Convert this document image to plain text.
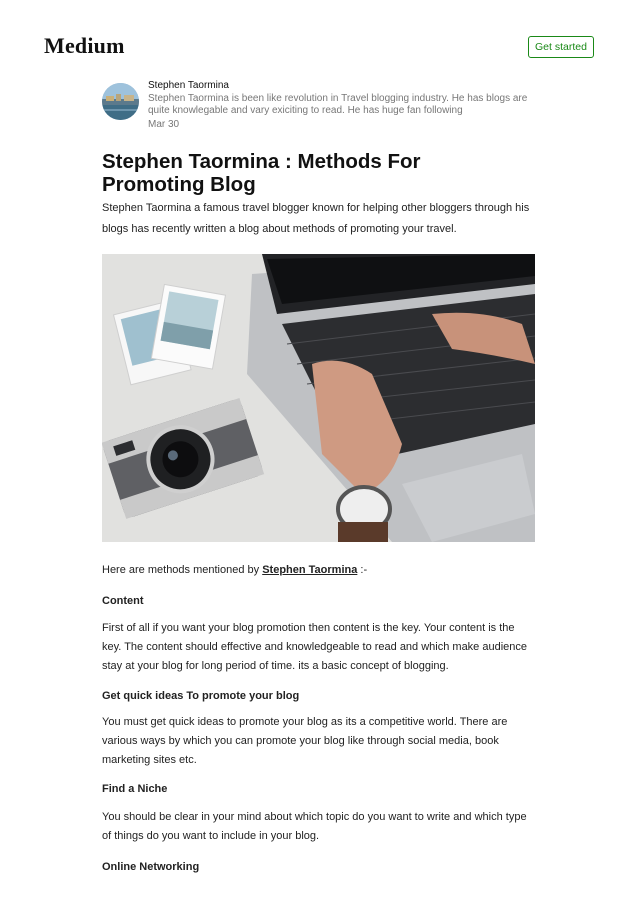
Medium	Get started
Stephen Taormina
Stephen Taormina is been like revolution in Travel blogging industry. He has blogs are
quite knowlegable and vary exiciting to read. He has huge fan following
Mar 30
Stephen Taormina : Methods For
Promoting Blog
Stephen Taormina a famous travel blogger known for helping other bloggers through his
blogs has recently written a blog about methods of promoting your travel.

Here are methods mentioned by Stephen Taormina :-

Content
First of all if you want your blog promotion then content is the key. Your content is the
key. The content should effective and knowledgeable to read and which make audience
stay at your blog for long period of time. its a basic concept of blogging.
Get quick ideas To promote your blog
You must get quick ideas to promote your blog as its a competitive world. There are
various ways by which you can promote your blog like through social media, book
marketing sites etc.
Find a Niche
You should be clear in your mind about which topic do you want to write and which type
of things do you want to include in your blog.
Online Networking
